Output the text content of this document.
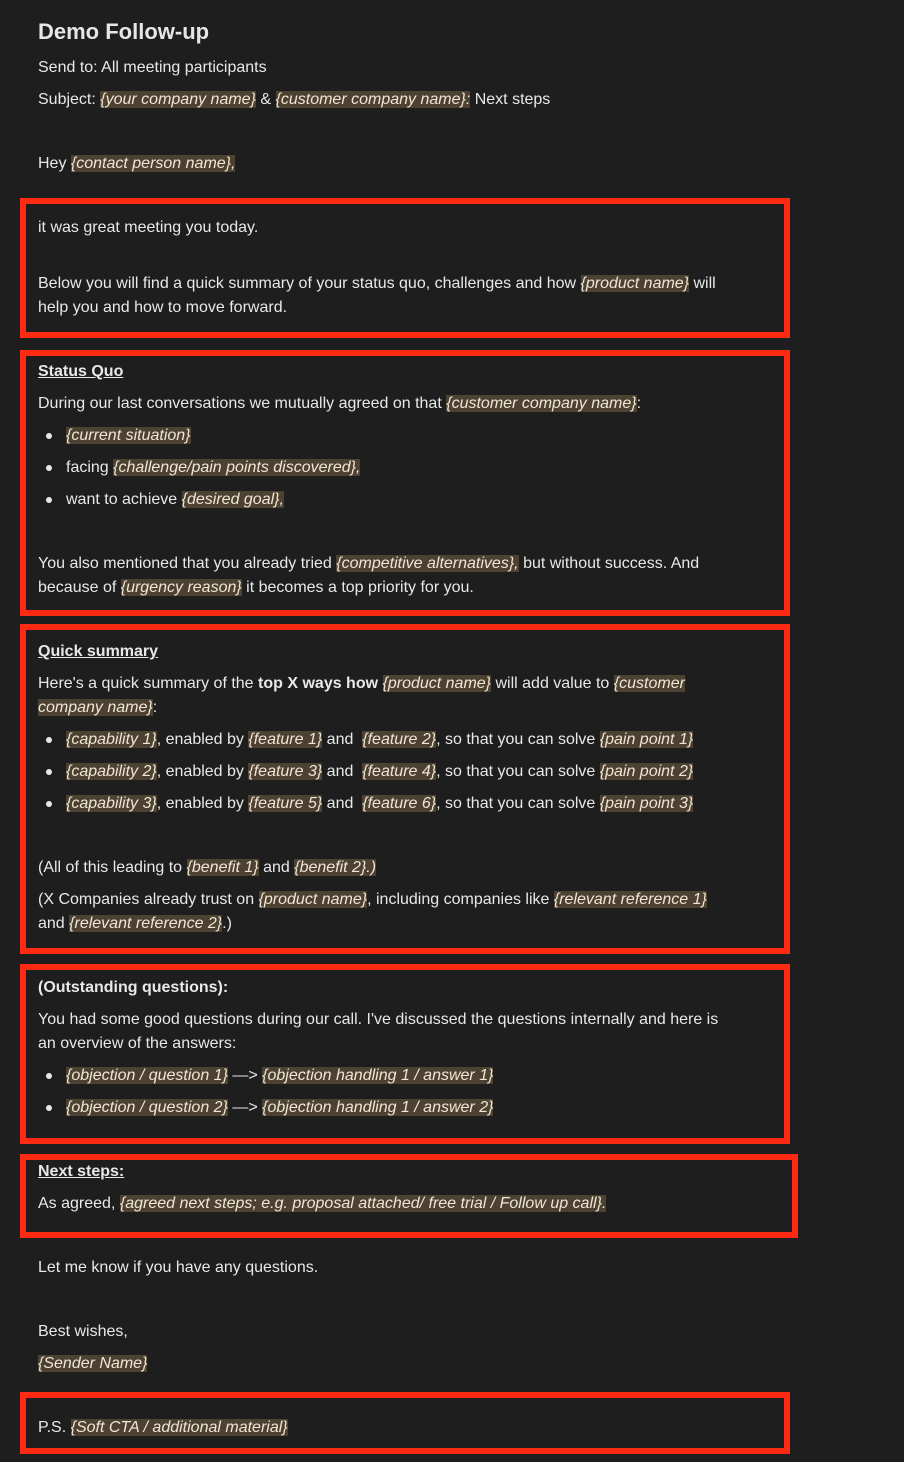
Demo Follow-up
Send to: All meeting participants
Subject: {your company name} & {customer company name}: Next steps
Hey {contact person name},
it was great meeting you today.
Below you will find a quick summary of your status quo, challenges and how {product name} will
help you and how to move forward.
Status Quo
During our last conversations we mutually agreed on that {customer company name}:
{current situation}
facing {challenge/pain points discovered},
want to achieve {desired goal},
You also mentioned that you already tried {competitive alternatives}, but without success. And
because of {urgency reason} it becomes a top priority for you.
Quick summary
Here's a quick summary of the top X ways how {product name} will add value to {customer
company name}:
{capability 1}, enabled by {feature 1} and {feature 2}, so that you can solve {pain point 1}
{capability 2}, enabled by {feature 3} and {feature 4}, so that you can solve {pain point 2}
{capability 3}, enabled by {feature 5} and {feature 6}, so that you can solve {pain point 3}
(All of this leading to {benefit 1} and {benefit 2}.)
(X Companies already trust on {product name}, including companies like {relevant reference 1}
and {relevant reference 2}.)
(Outstanding questions):
You had some good questions during our call. I've discussed the questions internally and here is
an overview of the answers:
{objection / question 1} —> {objection handling 1 / answer 1}
{objection / question 2} —> {objection handling 1 / answer 2}
Next steps:
As agreed, {agreed next steps; e.g. proposal attached/ free trial / Follow up call}.
Let me know if you have any questions.
Best wishes,
{Sender Name}
P.S. {Soft CTA / additional material}
